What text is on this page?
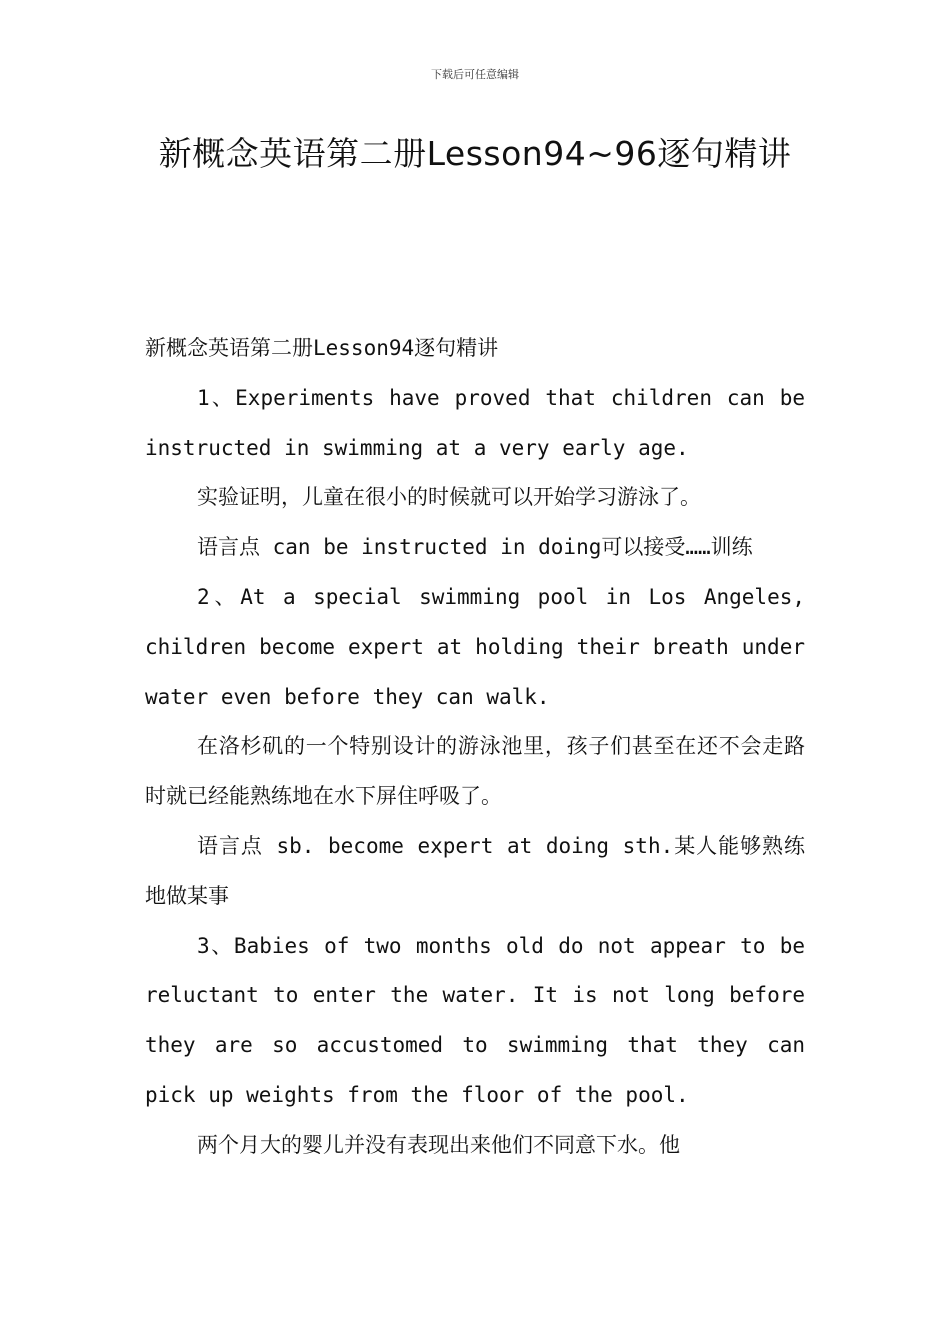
下载后可任意编辑
新概念英语第二册Lesson94~96逐句精讲

新概念英语第二册Lesson94逐句精讲

1、Experiments have proved that children can be instructed in swimming at a very early age.

实验证明，儿童在很小的时候就可以开始学习游泳了。

语言点 can be instructed in doing可以接受……训练

2、At a special swimming pool in Los Angeles, children become expert at holding their breath under water even before they can walk.

在洛杉矶的一个特别设计的游泳池里，孩子们甚至在还不会走路时就已经能熟练地在水下屏住呼吸了。

语言点 sb. become expert at doing sth.某人能够熟练地做某事

3、Babies of two months old do not appear to be reluctant to enter the water. It is not long before they are so accustomed to swimming that they can pick up weights from the floor of the pool.

两个月大的婴儿并没有表现出来他们不同意下水。他
